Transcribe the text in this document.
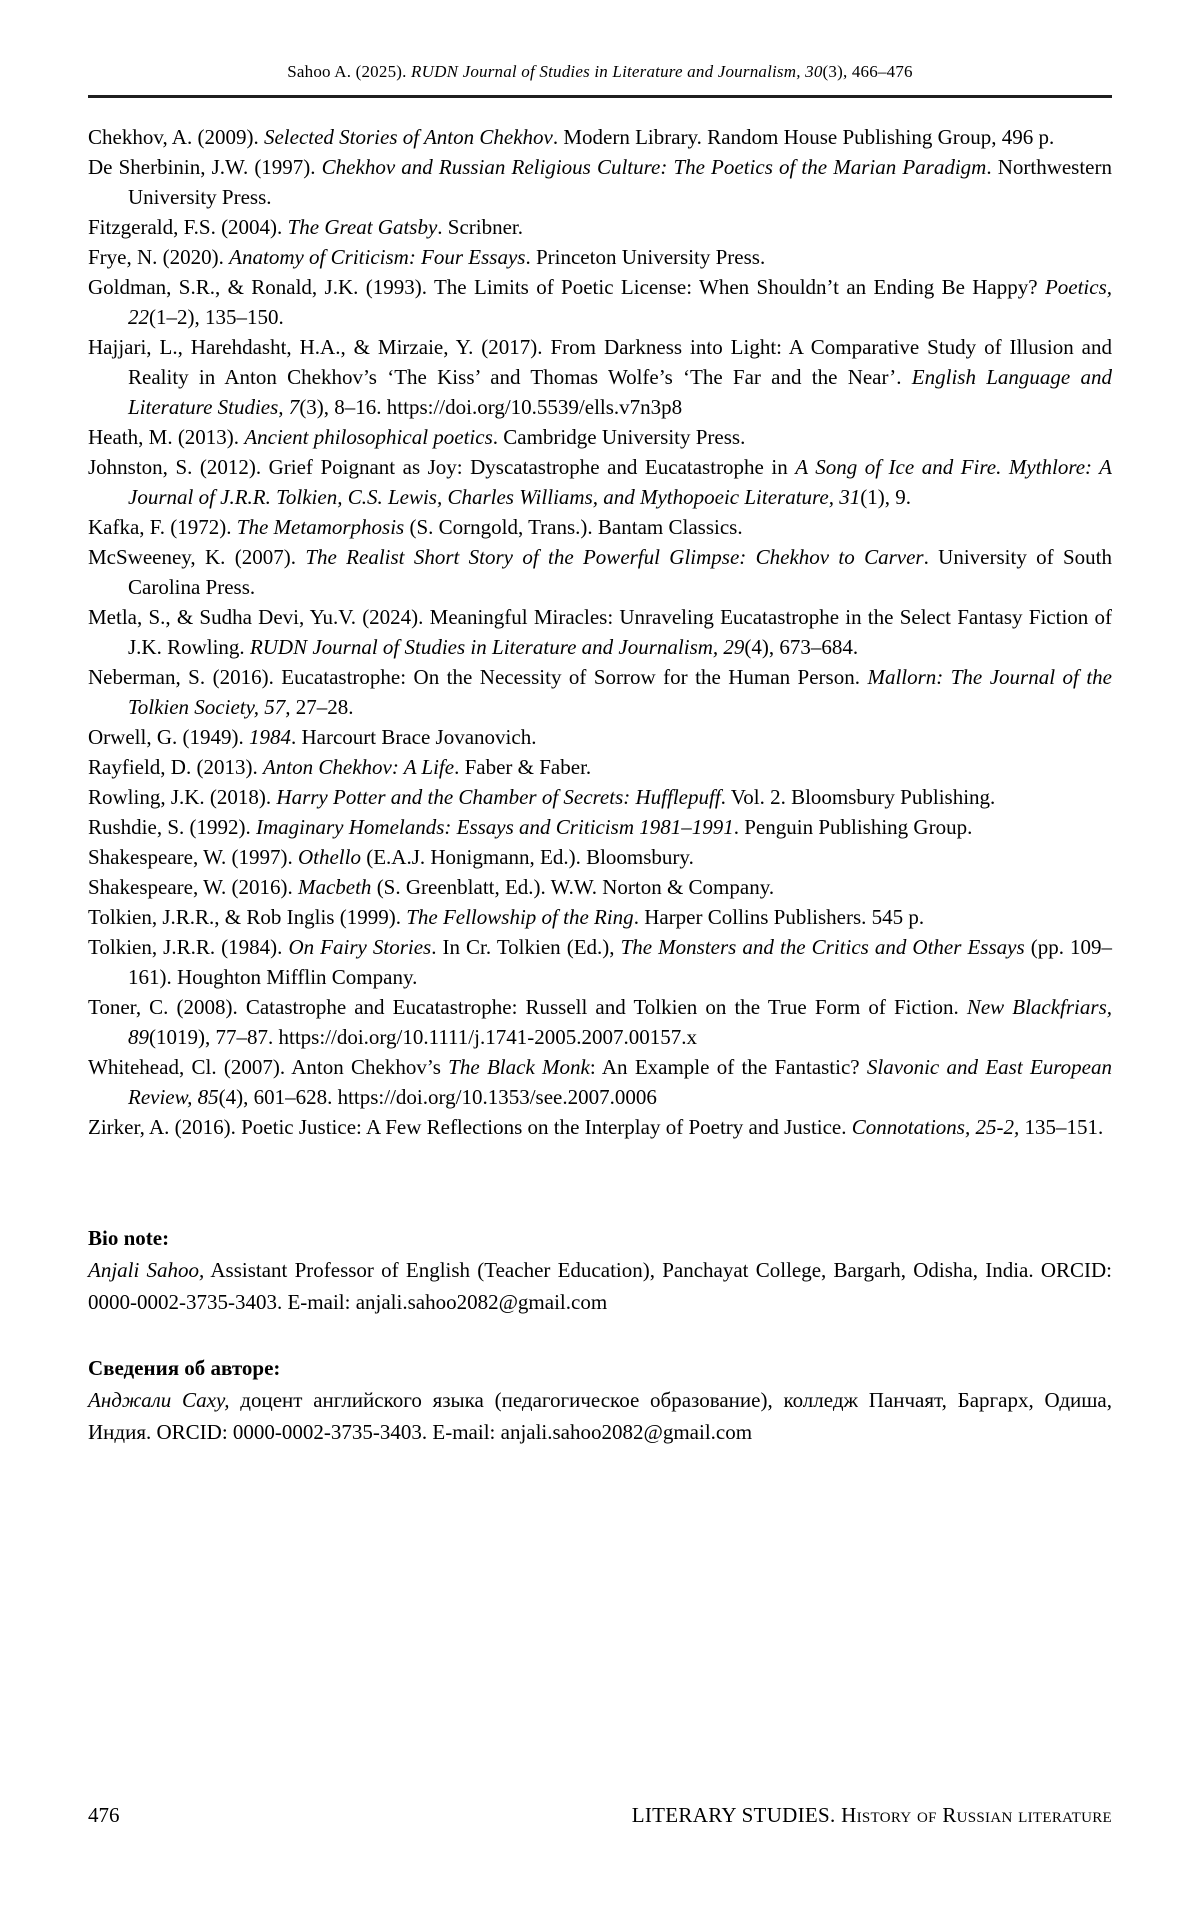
Sahoo A. (2025). RUDN Journal of Studies in Literature and Journalism, 30(3), 466–476

Chekhov, A. (2009). Selected Stories of Anton Chekhov. Modern Library. Random House Publishing Group, 496 p.

De Sherbinin, J.W. (1997). Chekhov and Russian Religious Culture: The Poetics of the Marian Paradigm. Northwestern University Press.

Fitzgerald, F.S. (2004). The Great Gatsby. Scribner.

Frye, N. (2020). Anatomy of Criticism: Four Essays. Princeton University Press.

Goldman, S.R., & Ronald, J.K. (1993). The Limits of Poetic License: When Shouldn’t an Ending Be Happy? Poetics, 22(1–2), 135–150.

Hajjari, L., Harehdasht, H.A., & Mirzaie, Y. (2017). From Darkness into Light: A Comparative Study of Illusion and Reality in Anton Chekhov’s ‘The Kiss’ and Thomas Wolfe’s ‘The Far and the Near’. English Language and Literature Studies, 7(3), 8–16. https://doi.org/10.5539/ells.v7n3p8

Heath, M. (2013). Ancient philosophical poetics. Cambridge University Press.

Johnston, S. (2012). Grief Poignant as Joy: Dyscatastrophe and Eucatastrophe in A Song of Ice and Fire. Mythlore: A Journal of J.R.R. Tolkien, C.S. Lewis, Charles Williams, and Mythopoeic Literature, 31(1), 9.

Kafka, F. (1972). The Metamorphosis (S. Corngold, Trans.). Bantam Classics.

McSweeney, K. (2007). The Realist Short Story of the Powerful Glimpse: Chekhov to Carver. University of South Carolina Press.

Metla, S., & Sudha Devi, Yu.V. (2024). Meaningful Miracles: Unraveling Eucatastrophe in the Select Fantasy Fiction of J.K. Rowling. RUDN Journal of Studies in Literature and Journalism, 29(4), 673–684.

Neberman, S. (2016). Eucatastrophe: On the Necessity of Sorrow for the Human Person. Mallorn: The Journal of the Tolkien Society, 57, 27–28.

Orwell, G. (1949). 1984. Harcourt Brace Jovanovich.

Rayfield, D. (2013). Anton Chekhov: A Life. Faber & Faber.

Rowling, J.K. (2018). Harry Potter and the Chamber of Secrets: Hufflepuff. Vol. 2. Bloomsbury Publishing.

Rushdie, S. (1992). Imaginary Homelands: Essays and Criticism 1981–1991. Penguin Publishing Group.

Shakespeare, W. (1997). Othello (E.A.J. Honigmann, Ed.). Bloomsbury.

Shakespeare, W. (2016). Macbeth (S. Greenblatt, Ed.). W.W. Norton & Company.

Tolkien, J.R.R., & Rob Inglis (1999). The Fellowship of the Ring. Harper Collins Publishers. 545 p.

Tolkien, J.R.R. (1984). On Fairy Stories. In Cr. Tolkien (Ed.), The Monsters and the Critics and Other Essays (pp. 109–161). Houghton Mifflin Company.

Toner, C. (2008). Catastrophe and Eucatastrophe: Russell and Tolkien on the True Form of Fiction. New Blackfriars, 89(1019), 77–87. https://doi.org/10.1111/j.1741-2005.2007.00157.x

Whitehead, Cl. (2007). Anton Chekhov’s The Black Monk: An Example of the Fantastic? Slavonic and East European Review, 85(4), 601–628. https://doi.org/10.1353/see.2007.0006

Zirker, A. (2016). Poetic Justice: A Few Reflections on the Interplay of Poetry and Justice. Connotations, 25-2, 135–151.

Bio note:

Anjali Sahoo, Assistant Professor of English (Teacher Education), Panchayat College, Bargarh, Odisha, India. ORCID: 0000-0002-3735-3403. E-mail: anjali.sahoo2082@gmail.com

Сведения об авторе:

Анджали Саху, доцент английского языка (педагогическое образование), колледж Панчаят, Баргарх, Одиша, Индия. ORCID: 0000-0002-3735-3403. E-mail: anjali.sahoo2082@gmail.com

476	LITERARY STUDIES. History of Russian literature
